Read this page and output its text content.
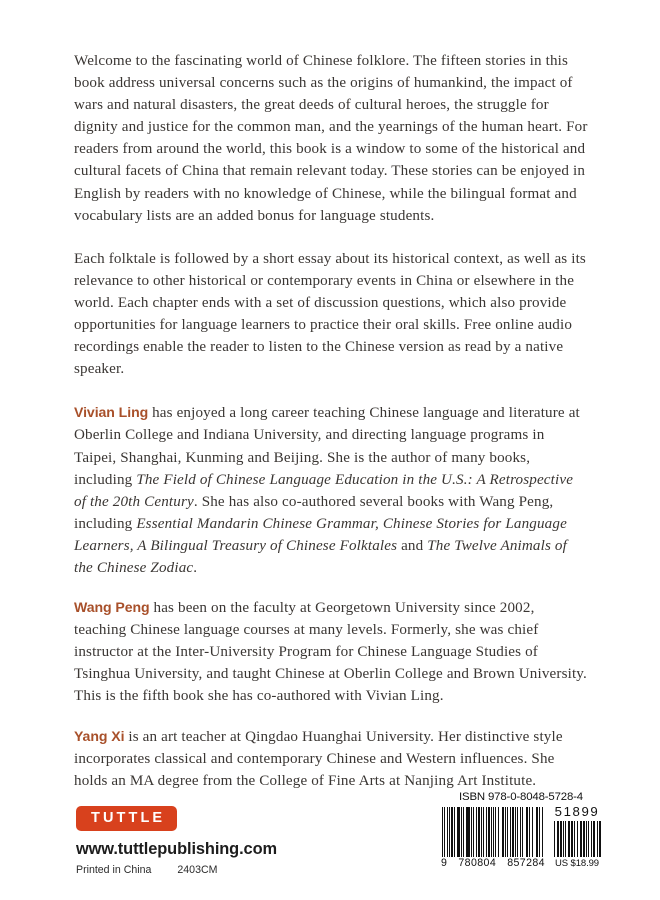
Welcome to the fascinating world of Chinese folklore. The fifteen stories in this book address universal concerns such as the origins of humankind, the impact of wars and natural disasters, the great deeds of cultural heroes, the struggle for dignity and justice for the common man, and the yearnings of the human heart. For readers from around the world, this book is a window to some of the historical and cultural facets of China that remain relevant today. These stories can be enjoyed in English by readers with no knowledge of Chinese, while the bilingual format and vocabulary lists are an added bonus for language students.

Each folktale is followed by a short essay about its historical context, as well as its relevance to other historical or contemporary events in China or elsewhere in the world. Each chapter ends with a set of discussion questions, which also provide opportunities for language learners to practice their oral skills. Free online audio recordings enable the reader to listen to the Chinese version as read by a native speaker.

Vivian Ling has enjoyed a long career teaching Chinese language and literature at Oberlin College and Indiana University, and directing language programs in Taipei, Shanghai, Kunming and Beijing. She is the author of many books, including The Field of Chinese Language Education in the U.S.: A Retrospective of the 20th Century. She has also co-authored several books with Wang Peng, including Essential Mandarin Chinese Grammar, Chinese Stories for Language Learners, A Bilingual Treasury of Chinese Folktales and The Twelve Animals of the Chinese Zodiac.

Wang Peng has been on the faculty at Georgetown University since 2002, teaching Chinese language courses at many levels. Formerly, she was chief instructor at the Inter-University Program for Chinese Language Studies of Tsinghua University, and taught Chinese at Oberlin College and Brown University. This is the fifth book she has co-authored with Vivian Ling.

Yang Xi is an art teacher at Qingdao Huanghai University. Her distinctive style incorporates classical and contemporary Chinese and Western influences. She holds an MA degree from the College of Fine Arts at Nanjing Art Institute.

TUTTLE
www.tuttlepublishing.com
Printed in China 2403CM
ISBN 978-0-8048-5728-4
9 780804 857284
51899
US $18.99
